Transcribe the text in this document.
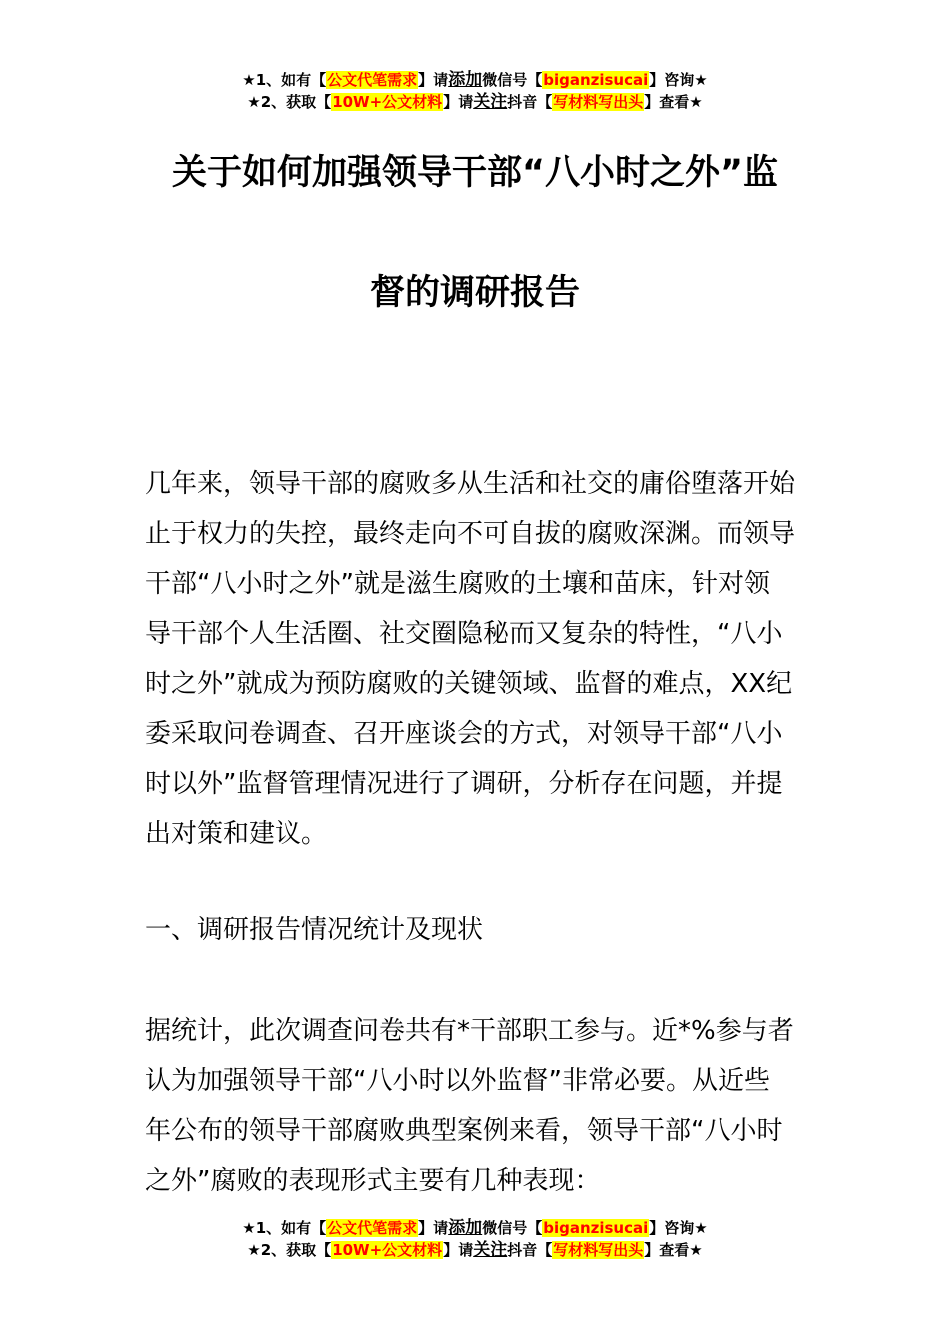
★1、如有【公文代笔需求】请添加微信号【biganzisucai】咨询★
★2、获取【10W+公文材料】请关注抖音【写材料写出头】查看★
关于如何加强领导干部“八小时之外”监
督的调研报告
几年来，领导干部的腐败多从生活和社交的庸俗堕落开始
止于权力的失控，最终走向不可自拔的腐败深渊。而领导
干部“八小时之外”就是滋生腐败的土壤和苗床，针对领
导干部个人生活圈、社交圈隐秘而又复杂的特性，“八小
时之外”就成为预防腐败的关键领域、监督的难点，XX纪
委采取问卷调查、召开座谈会的方式，对领导干部“八小
时以外”监督管理情况进行了调研，分析存在问题，并提
出对策和建议。
一、调研报告情况统计及现状
据统计，此次调查问卷共有*干部职工参与。近*%参与者
认为加强领导干部“八小时以外监督”非常必要。从近些
年公布的领导干部腐败典型案例来看，领导干部“八小时
之外”腐败的表现形式主要有几种表现：
★1、如有【公文代笔需求】请添加微信号【biganzisucai】咨询★
★2、获取【10W+公文材料】请关注抖音【写材料写出头】查看★
